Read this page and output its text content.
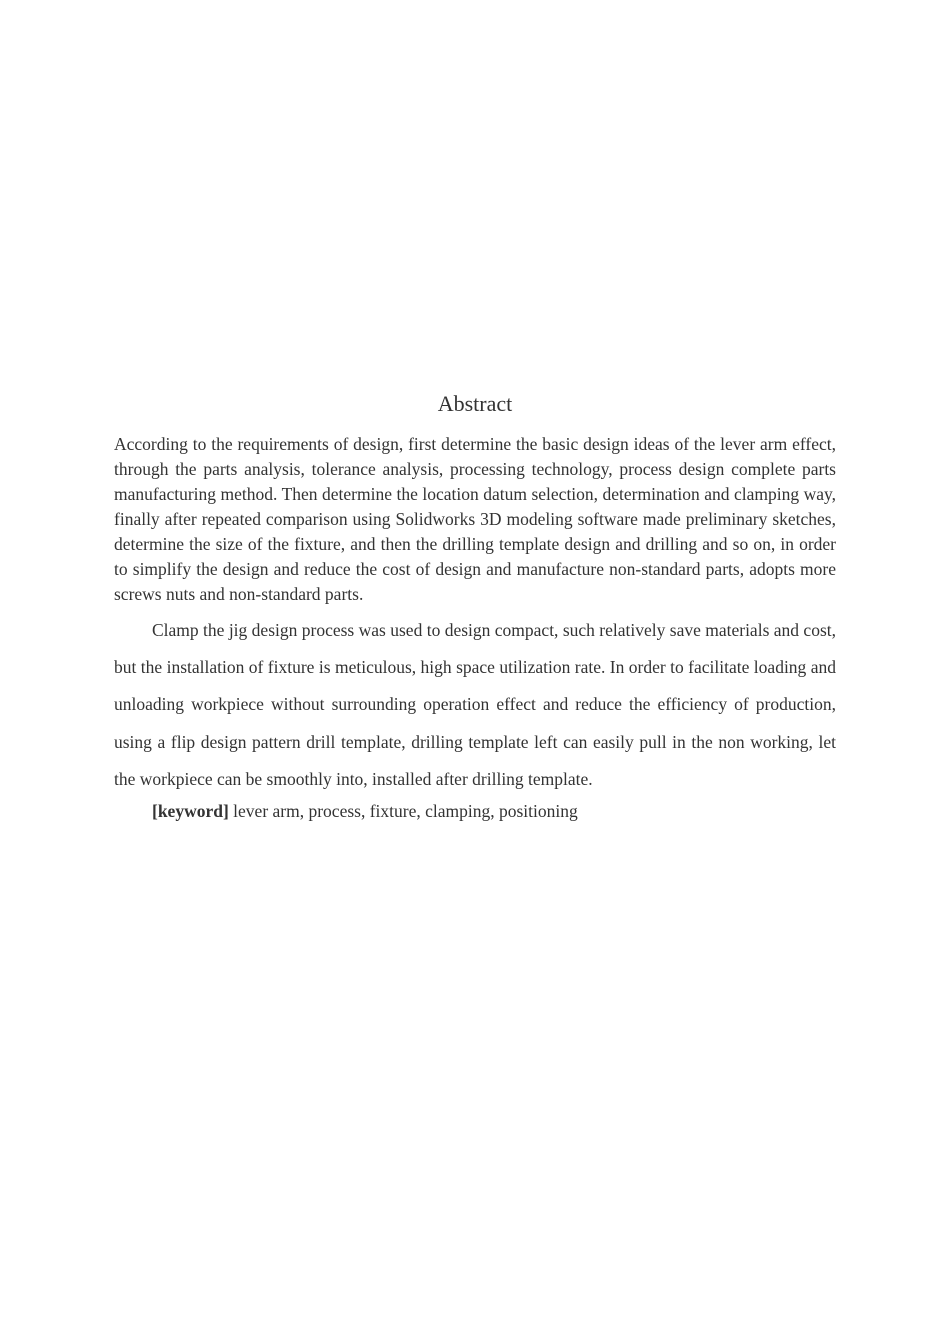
Abstract

According to the requirements of design, first determine the basic design ideas of the lever arm effect, through the parts analysis, tolerance analysis, processing technology, process design complete parts manufacturing method. Then determine the location datum selection, determination and clamping way, finally after repeated comparison using Solidworks 3D modeling software made preliminary sketches, determine the size of the fixture, and then the drilling template design and drilling and so on, in order to simplify the design and reduce the cost of design and manufacture non-standard parts, adopts more screws nuts and non-standard parts.

Clamp the jig design process was used to design compact, such relatively save materials and cost, but the installation of fixture is meticulous, high space utilization rate. In order to facilitate loading and unloading workpiece without surrounding operation effect and reduce the efficiency of production, using a flip design pattern drill template, drilling template left can easily pull in the non working, let the workpiece can be smoothly into, installed after drilling template.

[keyword] lever arm, process, fixture, clamping, positioning
